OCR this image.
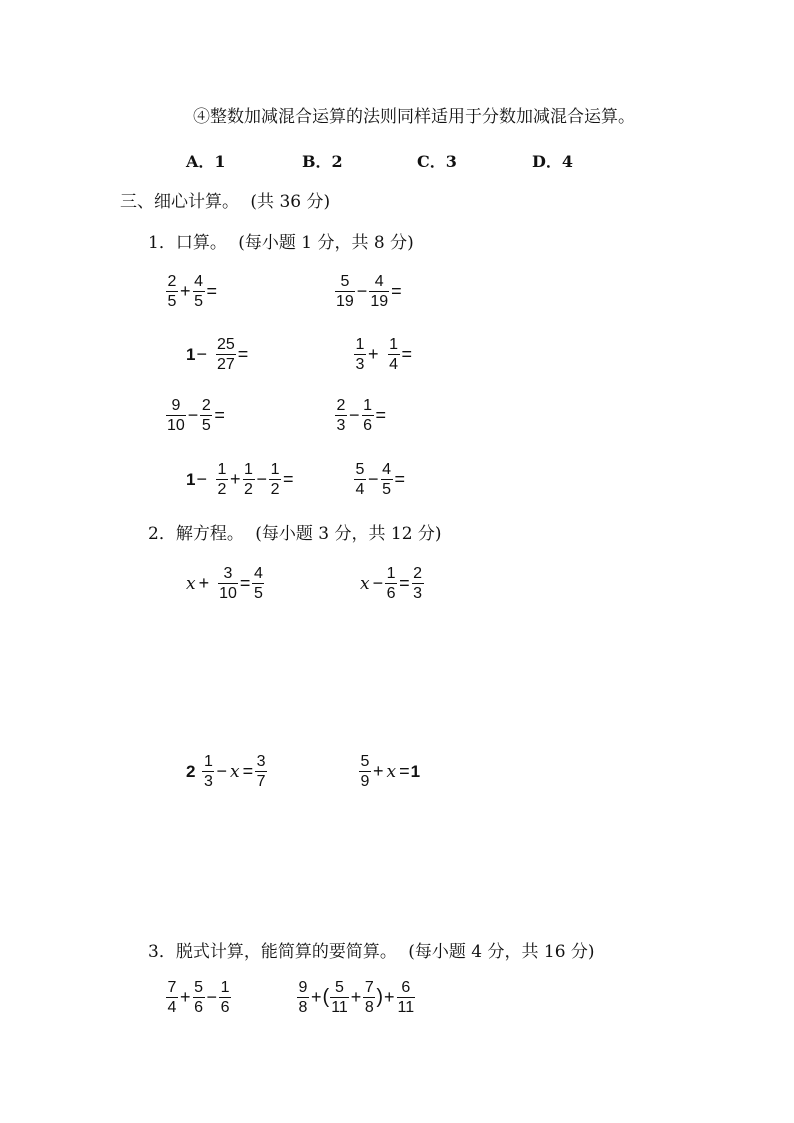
④整数加减混合运算的法则同样适用于分数加减混合运算。
A．1	B．2	C．3	D．4
三、细心计算。 (共 36 分)
1．口算。 (每小题 1 分，共 8 分)
$\frac{2}{5} + \frac{4}{5}$ =	$\frac{5}{19} - \frac{4}{19}$ =
$1 - \frac{25}{27}$ =	$\frac{1}{3} + \frac{1}{4}$ =
$\frac{9}{10} - \frac{2}{5}$ =	$\frac{2}{3} - \frac{1}{6}$ =
$1 - \frac{1}{2} + \frac{1}{2} - \frac{1}{2}$ =	$\frac{5}{4} - \frac{4}{5}$ =
2．解方程。 (每小题 3 分，共 12 分)
$x + \frac{3}{10} = \frac{4}{5}$	$x - \frac{1}{6} = \frac{2}{3}$
$2 \frac{1}{3} - x = \frac{3}{7}$	$\frac{5}{9} + x = 1$
3．脱式计算，能简算的要简算。 (每小题 4 分，共 16 分)
$\frac{7}{4} + \frac{5}{6} - \frac{1}{6}$	$\frac{9}{8}$ + ( $\frac{5}{11} + \frac{7}{8}$ ) + $\frac{6}{11}$
